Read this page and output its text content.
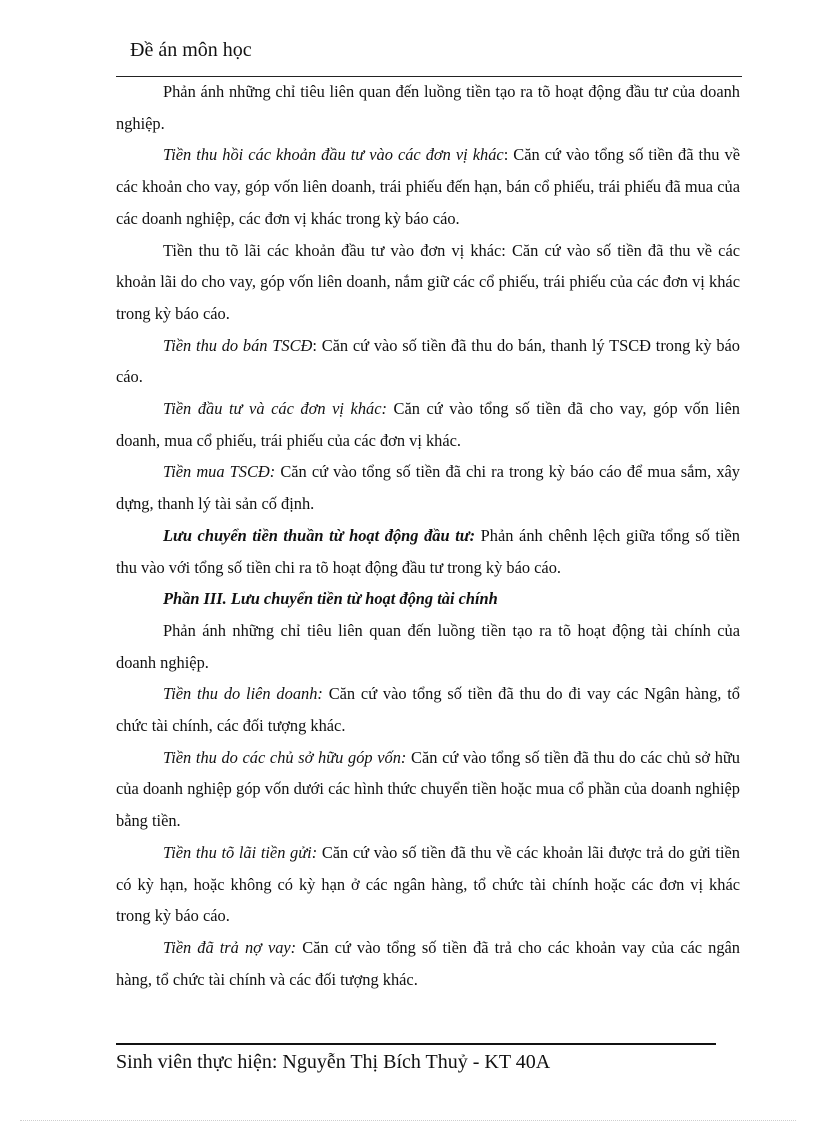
Đề án môn học

Phản ánh những chỉ tiêu liên quan đến luồng tiền tạo ra tõ hoạt động đầu tư của doanh nghiệp.

Tiền thu hồi các khoản đầu tư vào các đơn vị khác: Căn cứ vào tổng số tiền đã thu về các khoản cho vay, góp vốn liên doanh, trái phiếu đến hạn, bán cổ phiếu, trái phiếu đã mua của các doanh nghiệp, các đơn vị khác trong kỳ báo cáo.

Tiền thu tõ lãi các khoản đầu tư vào đơn vị khác: Căn cứ vào số tiền đã thu về các khoản lãi do cho vay, góp vốn liên doanh, nắm giữ các cổ phiếu, trái phiếu của các đơn vị khác trong kỳ báo cáo.

Tiền thu do bán TSCĐ: Căn cứ vào số tiền đã thu do bán, thanh lý TSCĐ trong kỳ báo cáo.

Tiền đầu tư và các đơn vị khác: Căn cứ vào tổng số tiền đã cho vay, góp vốn liên doanh, mua cổ phiếu, trái phiếu của các đơn vị khác.

Tiền mua TSCĐ: Căn cứ vào tổng số tiền đã chi ra trong kỳ báo cáo để mua sắm, xây dựng, thanh lý tài sản cố định.

Lưu chuyển tiền thuần từ hoạt động đầu tư: Phản ánh chênh lệch giữa tổng số tiền thu vào với tổng số tiền chi ra tõ hoạt động đầu tư trong kỳ báo cáo.

Phần III. Lưu chuyển tiền từ hoạt động tài chính

Phản ánh những chỉ tiêu liên quan đến luồng tiền tạo ra tõ hoạt động tài chính của doanh nghiệp.

Tiền thu do liên doanh: Căn cứ vào tổng số tiền đã thu do đi vay các Ngân hàng, tổ chức tài chính, các đối tượng khác.

Tiền thu do các chủ sở hữu góp vốn: Căn cứ vào tổng số tiền đã thu do các chủ sở hữu của doanh nghiệp góp vốn dưới các hình thức chuyển tiền hoặc mua cổ phần của doanh nghiệp bằng tiền.

Tiền thu tõ lãi tiền gửi: Căn cứ vào số tiền đã thu về các khoản lãi được trả do gửi tiền có kỳ hạn, hoặc không có kỳ hạn ở các ngân hàng, tổ chức tài chính hoặc các đơn vị khác trong kỳ báo cáo.

Tiền đã trả nợ vay: Căn cứ vào tổng số tiền đã trả cho các khoản vay của các ngân hàng, tổ chức tài chính và các đối tượng khác.

Sinh viên thực hiện: Nguyễn Thị Bích Thuỷ - KT 40A
